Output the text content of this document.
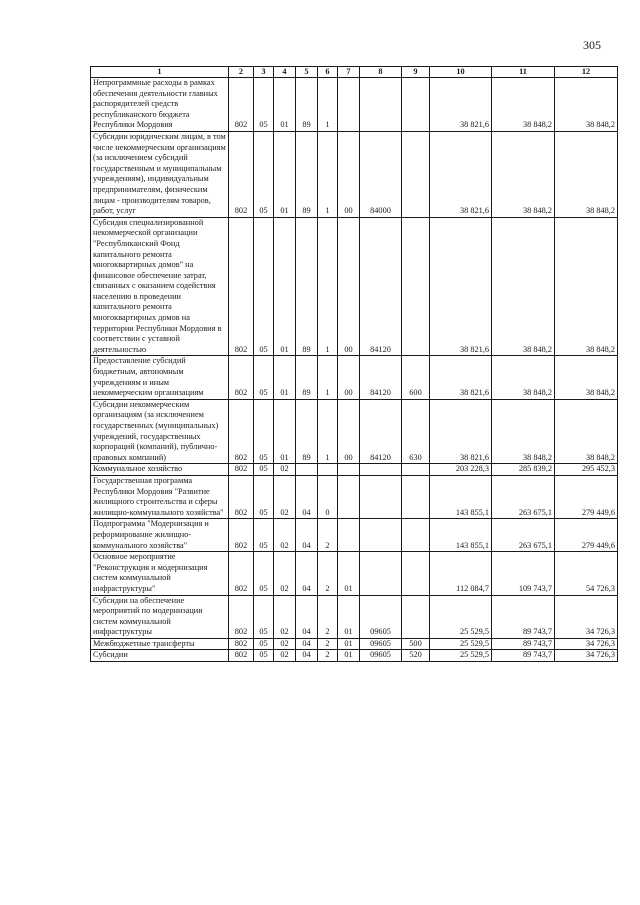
305
1	2	3	4	5	6	7	8	9	10	11	12
Непрограммные расходы в рамках обеспечения деятельности главных распорядителей средств республиканского бюджета Республики Мордовия	802	05	01	89	1				38 821,6	38 848,2	38 848,2
Субсидии юридическим лицам, в том числе некоммерческим организациям (за исключением субсидий государственным и муниципальным учреждениям), индивидуальным предпринимателям, физическим лицам - производителям товаров, работ, услуг	802	05	01	89	1	00	84000		38 821,6	38 848,2	38 848,2
Субсидия специализированной некоммерческой организации "Республиканский Фонд капитального ремонта многоквартирных домов" на финансовое обеспечение затрат, связанных с оказанием содействия населению в проведении капитального ремонта многоквартирных домов на территории Республики Мордовия в соответствии с уставной деятельностью	802	05	01	89	1	00	84120		38 821,6	38 848,2	38 848,2
Предоставление субсидий бюджетным, автономным учреждениям и иным некоммерческим организациям	802	05	01	89	1	00	84120	600	38 821,6	38 848,2	38 848,2
Субсидии некоммерческим организациям (за исключением государственных (муниципальных) учреждений, государственных корпораций (компаний), публично-правовых компаний)	802	05	01	89	1	00	84120	630	38 821,6	38 848,2	38 848,2
Коммунальное хозяйство	802	05	02						203 228,3	285 839,2	295 452,3
Государственная программа Республики Мордовия "Развитие жилищного строительства и сферы жилищно-коммунального хозяйства"	802	05	02	04	0				143 855,1	263 675,1	279 449,6
Подпрограмма "Модернизация и реформирование жилищно-коммунального хозяйства"	802	05	02	04	2				143 855,1	263 675,1	279 449,6
Основное мероприятие "Реконструкция и модернизация систем коммунальной инфраструктуры"	802	05	02	04	2	01			112 084,7	109 743,7	54 726,3
Субсидии на обеспечение мероприятий по модернизации систем коммунальной инфраструктуры	802	05	02	04	2	01	09605		25 529,5	89 743,7	34 726,3
Межбюджетные трансферты	802	05	02	04	2	01	09605	500	25 529,5	89 743,7	34 726,3
Субсидии	802	05	02	04	2	01	09605	520	25 529,5	89 743,7	34 726,3
